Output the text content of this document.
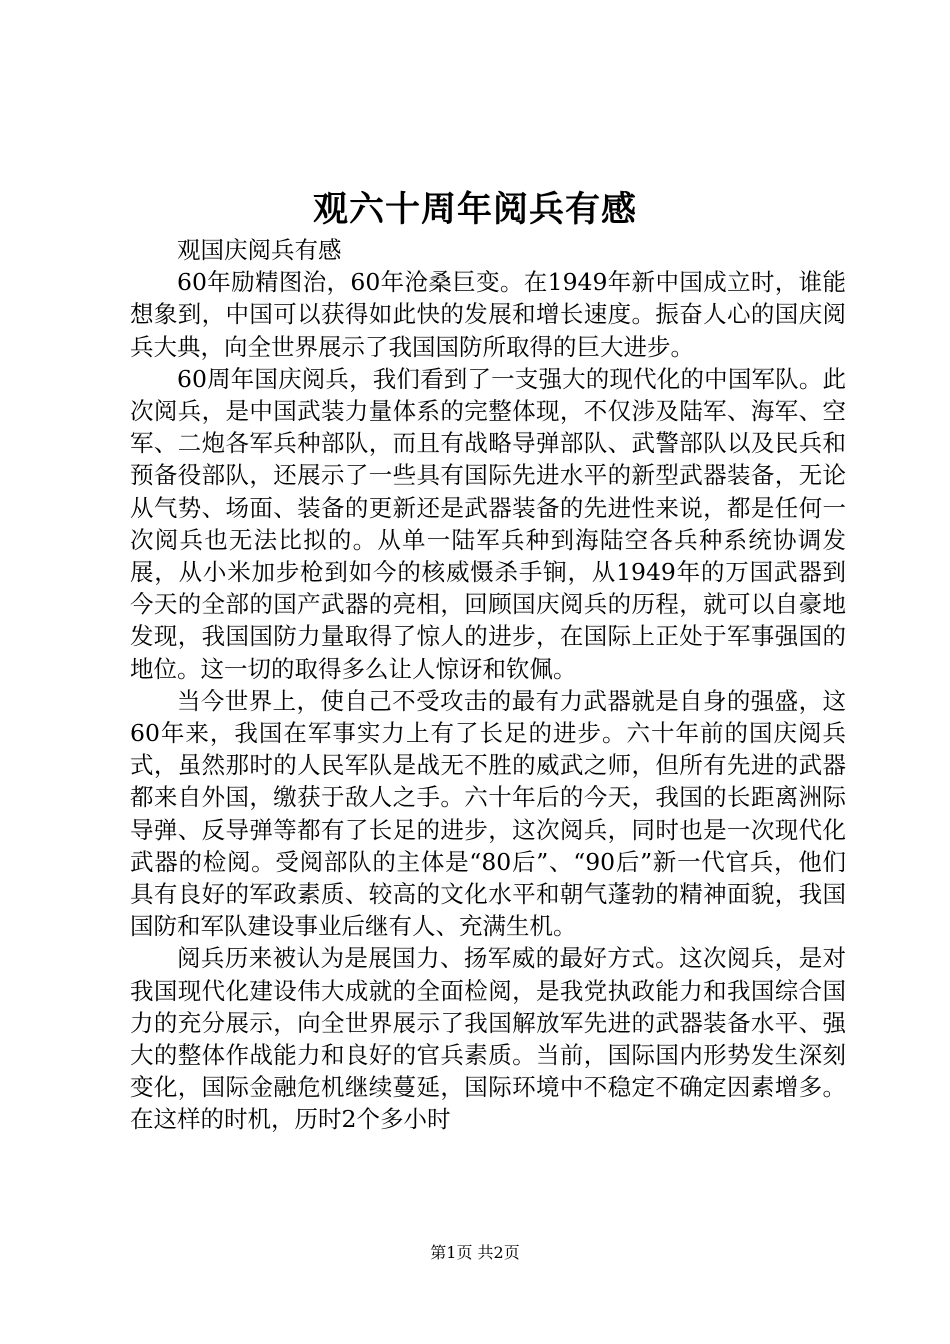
观六十周年阅兵有感

观国庆阅兵有感

60年励精图治，60年沧桑巨变。在1949年新中国成立时，谁能想象到，中国可以获得如此快的发展和增长速度。振奋人心的国庆阅兵大典，向全世界展示了我国国防所取得的巨大进步。

60周年国庆阅兵，我们看到了一支强大的现代化的中国军队。此次阅兵，是中国武装力量体系的完整体现，不仅涉及陆军、海军、空军、二炮各军兵种部队，而且有战略导弹部队、武警部队以及民兵和预备役部队，还展示了一些具有国际先进水平的新型武器装备，无论从气势、场面、装备的更新还是武器装备的先进性来说，都是任何一次阅兵也无法比拟的。从单一陆军兵种到海陆空各兵种系统协调发展，从小米加步枪到如今的核威慑杀手锏，从1949年的万国武器到今天的全部的国产武器的亮相，回顾国庆阅兵的历程，就可以自豪地发现，我国国防力量取得了惊人的进步，在国际上正处于军事强国的地位。这一切的取得多么让人惊讶和钦佩。

当今世界上，使自己不受攻击的最有力武器就是自身的强盛，这60年来，我国在军事实力上有了长足的进步。六十年前的国庆阅兵式，虽然那时的人民军队是战无不胜的威武之师，但所有先进的武器都来自外国，缴获于敌人之手。六十年后的今天，我国的长距离洲际导弹、反导弹等都有了长足的进步，这次阅兵，同时也是一次现代化武器的检阅。受阅部队的主体是“80后”、“90后”新一代官兵，他们具有良好的军政素质、较高的文化水平和朝气蓬勃的精神面貌，我国国防和军队建设事业后继有人、充满生机。

阅兵历来被认为是展国力、扬军威的最好方式。这次阅兵，是对我国现代化建设伟大成就的全面检阅，是我党执政能力和我国综合国力的充分展示，向全世界展示了我国解放军先进的武器装备水平、强大的整体作战能力和良好的官兵素质。当前，国际国内形势发生深刻变化，国际金融危机继续蔓延，国际环境中不稳定不确定因素增多。在这样的时机，历时2个多小时

第1页 共2页
